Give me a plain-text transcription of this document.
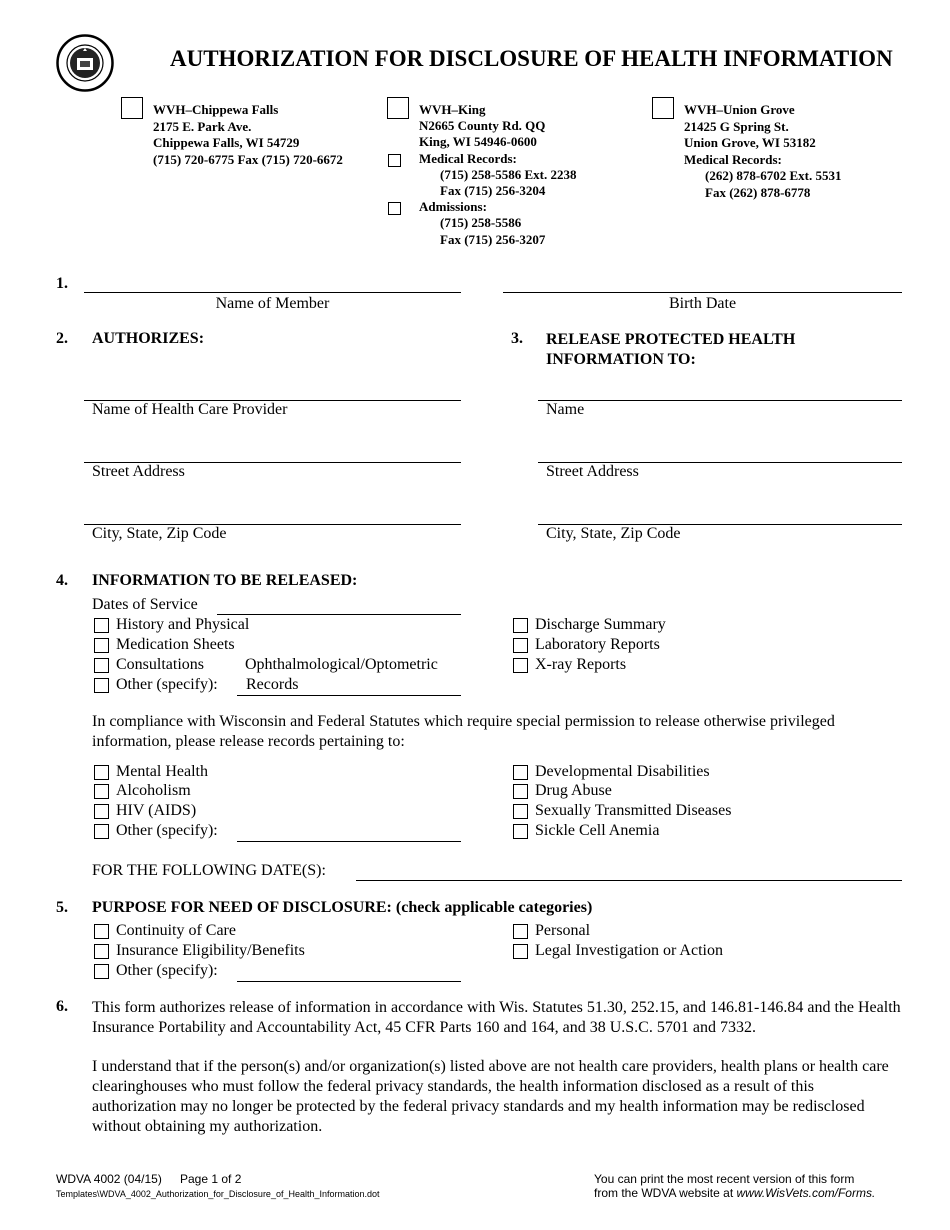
AUTHORIZATION FOR DISCLOSURE OF HEALTH INFORMATION
WVH–Chippewa Falls
2175 E. Park Ave.
Chippewa Falls, WI 54729
(715) 720-6775 Fax (715) 720-6672
WVH–King
N2665 County Rd. QQ
King, WI 54946-0600
Medical Records:
(715) 258-5586 Ext. 2238
Fax (715) 256-3204
Admissions:
(715) 258-5586
Fax (715) 256-3207
WVH–Union Grove
21425 G Spring St.
Union Grove, WI 53182
Medical Records:
(262) 878-6702 Ext. 5531
Fax (262) 878-6778
1.
Name of Member	Birth Date
2. AUTHORIZES:
Name of Health Care Provider
Street Address
City, State, Zip Code
3. RELEASE PROTECTED HEALTH
INFORMATION TO:
Name
Street Address
City, State, Zip Code
4. INFORMATION TO BE RELEASED:
Dates of Service
History and Physical
Medication Sheets
Consultations	Ophthalmological/Optometric
Other (specify): Records
Discharge Summary
Laboratory Reports
X-ray Reports
In compliance with Wisconsin and Federal Statutes which require special permission to release otherwise privileged information, please release records pertaining to:
Mental Health
Alcoholism
HIV (AIDS)
Other (specify):
Developmental Disabilities
Drug Abuse
Sexually Transmitted Diseases
Sickle Cell Anemia
FOR THE FOLLOWING DATE(S):
5. PURPOSE FOR NEED OF DISCLOSURE: (check applicable categories)
Continuity of Care
Insurance Eligibility/Benefits
Other (specify):
Personal
Legal Investigation or Action
6. This form authorizes release of information in accordance with Wis. Statutes 51.30, 252.15, and 146.81-146.84 and the Health Insurance Portability and Accountability Act, 45 CFR Parts 160 and 164, and 38 U.S.C. 5701 and 7332.
I understand that if the person(s) and/or organization(s) listed above are not health care providers, health plans or health care clearinghouses who must follow the federal privacy standards, the health information disclosed as a result of this authorization may no longer be protected by the federal privacy standards and my health information may be redisclosed without obtaining my authorization.
WDVA 4002 (04/15) Page 1 of 2
Templates\WDVA_4002_Authorization_for_Disclosure_of_Health_Information.dot
You can print the most recent version of this form
from the WDVA website at www.WisVets.com/Forms.
